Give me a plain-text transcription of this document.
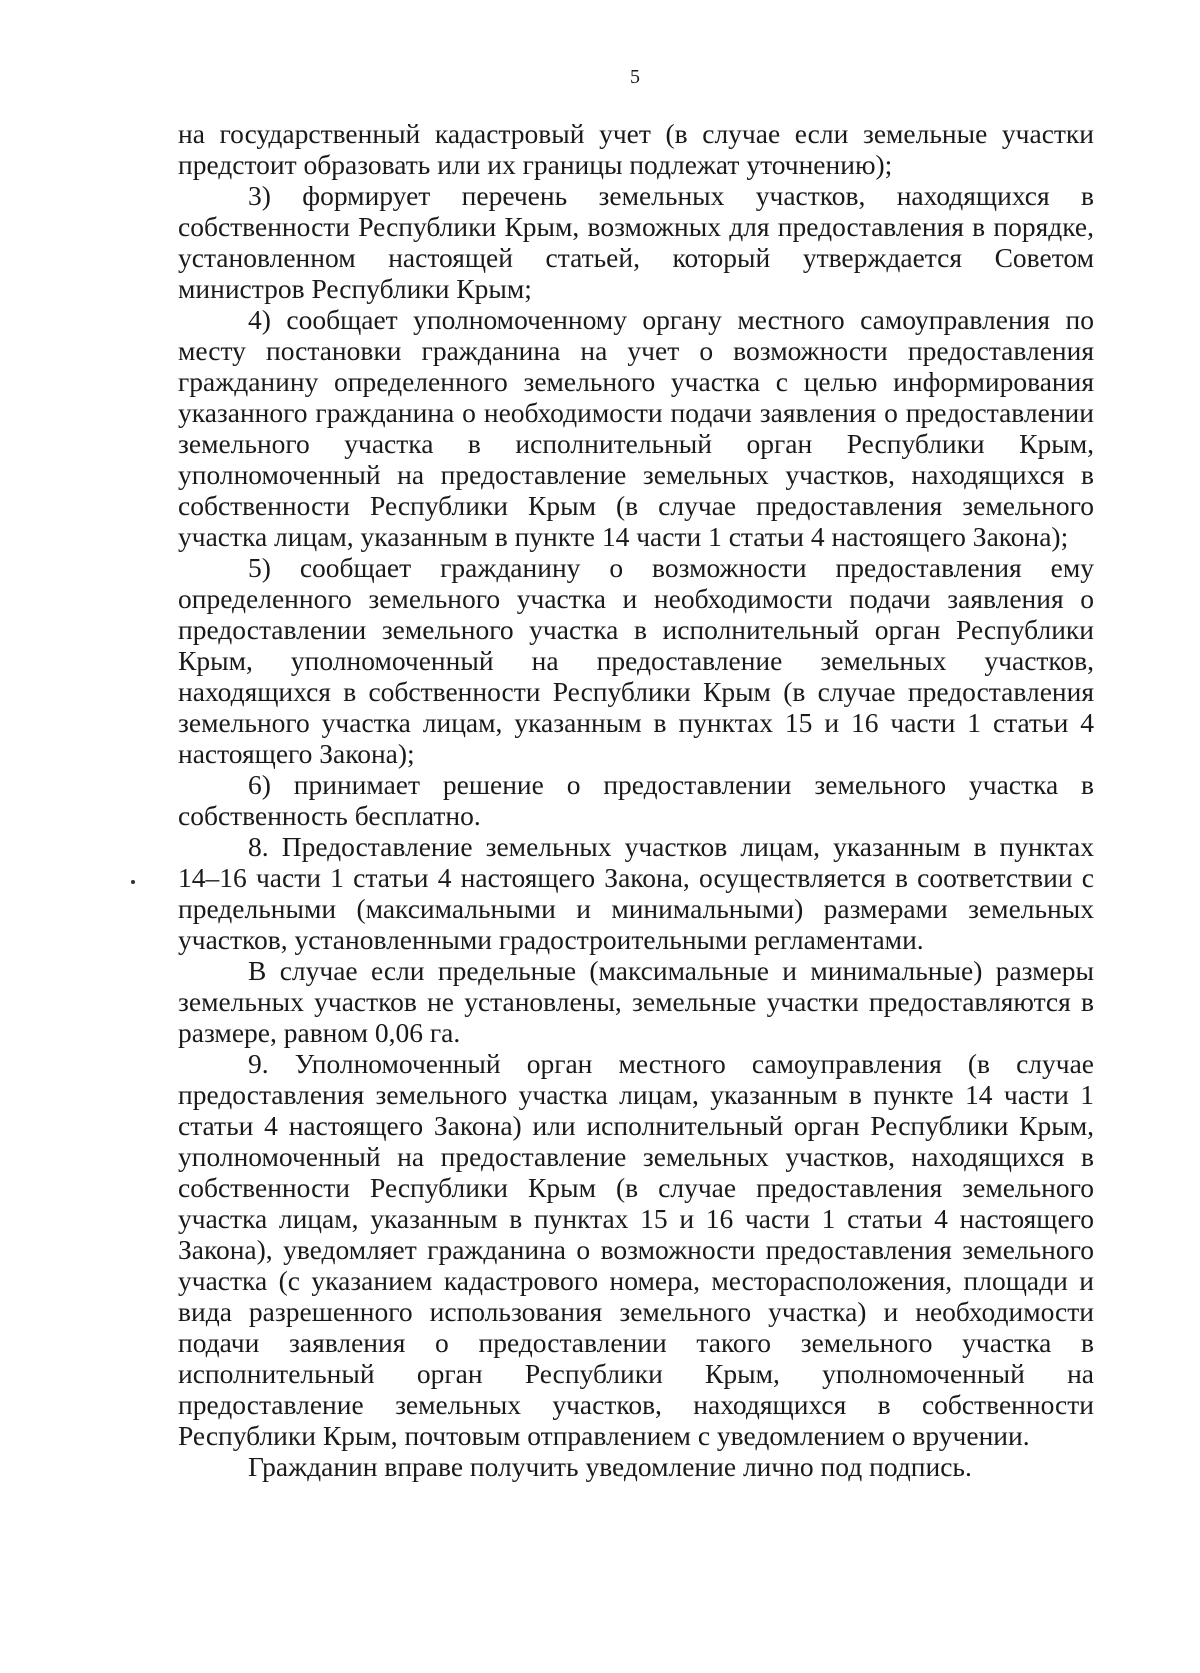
5

на государственный кадастровый учет (в случае если земельные участки предстоит образовать или их границы подлежат уточнению);

3) формирует перечень земельных участков, находящихся в собственности Республики Крым, возможных для предоставления в порядке, установленном настоящей статьей, который утверждается Советом министров Республики Крым;

4) сообщает уполномоченному органу местного самоуправления по месту постановки гражданина на учет о возможности предоставления гражданину определенного земельного участка с целью информирования указанного гражданина о необходимости подачи заявления о предоставлении земельного участка в исполнительный орган Республики Крым, уполномоченный на предоставление земельных участков, находящихся в собственности Республики Крым (в случае предоставления земельного участка лицам, указанным в пункте 14 части 1 статьи 4 настоящего Закона);

5) сообщает гражданину о возможности предоставления ему определенного земельного участка и необходимости подачи заявления о предоставлении земельного участка в исполнительный орган Республики Крым, уполномоченный на предоставление земельных участков, находящихся в собственности Республики Крым (в случае предоставления земельного участка лицам, указанным в пунктах 15 и 16 части 1 статьи 4 настоящего Закона);

6) принимает решение о предоставлении земельного участка в собственность бесплатно.

8. Предоставление земельных участков лицам, указанным в пунктах 14–16 части 1 статьи 4 настоящего Закона, осуществляется в соответствии с предельными (максимальными и минимальными) размерами земельных участков, установленными градостроительными регламентами.

В случае если предельные (максимальные и минимальные) размеры земельных участков не установлены, земельные участки предоставляются в размере, равном 0,06 га.

9. Уполномоченный орган местного самоуправления (в случае предоставления земельного участка лицам, указанным в пункте 14 части 1 статьи 4 настоящего Закона) или исполнительный орган Республики Крым, уполномоченный на предоставление земельных участков, находящихся в собственности Республики Крым (в случае предоставления земельного участка лицам, указанным в пунктах 15 и 16 части 1 статьи 4 настоящего Закона), уведомляет гражданина о возможности предоставления земельного участка (с указанием кадастрового номера, месторасположения, площади и вида разрешенного использования земельного участка) и необходимости подачи заявления о предоставлении такого земельного участка в исполнительный орган Республики Крым, уполномоченный на предоставление земельных участков, находящихся в собственности Республики Крым, почтовым отправлением с уведомлением о вручении.

Гражданин вправе получить уведомление лично под подпись.
